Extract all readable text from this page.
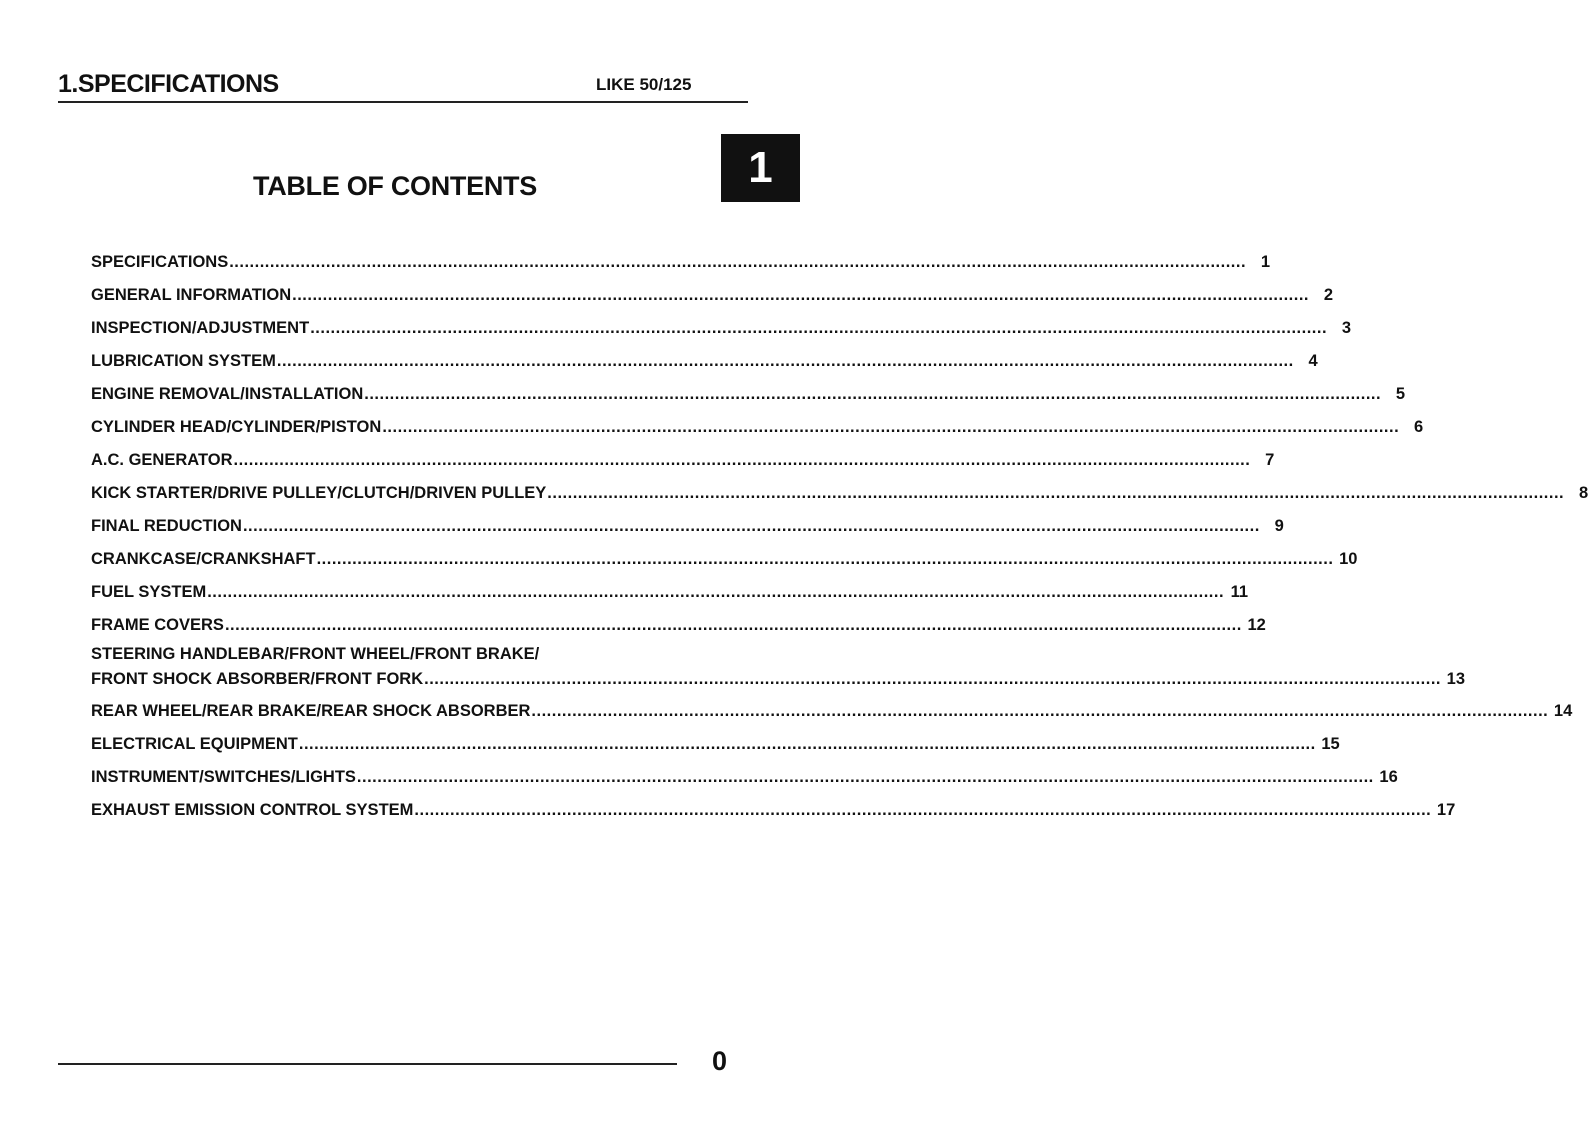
1.SPECIFICATIONS	LIKE 50/125
1
TABLE OF CONTENTS
SPECIFICATIONS ........................................................................................................................................................................................................ 1
GENERAL INFORMATION ........................................................................................................................................................................................................ 2
INSPECTION/ADJUSTMENT ........................................................................................................................................................................................................ 3
LUBRICATION SYSTEM ........................................................................................................................................................................................................ 4
ENGINE REMOVAL/INSTALLATION ........................................................................................................................................................................................................ 5
CYLINDER HEAD/CYLINDER/PISTON ........................................................................................................................................................................................................ 6
A.C. GENERATOR ........................................................................................................................................................................................................ 7
KICK STARTER/DRIVE PULLEY/CLUTCH/DRIVEN PULLEY ........................................................................................................................................................................................................ 8
FINAL REDUCTION ........................................................................................................................................................................................................ 9
CRANKCASE/CRANKSHAFT ........................................................................................................................................................................................................ 10
FUEL SYSTEM ........................................................................................................................................................................................................ 11
FRAME COVERS ........................................................................................................................................................................................................ 12
STEERING HANDLEBAR/FRONT WHEEL/FRONT BRAKE/
FRONT SHOCK ABSORBER/FRONT FORK ........................................................................................................................................................................................................ 13
REAR WHEEL/REAR BRAKE/REAR SHOCK ABSORBER ........................................................................................................................................................................................................ 14
ELECTRICAL EQUIPMENT ........................................................................................................................................................................................................ 15
INSTRUMENT/SWITCHES/LIGHTS ........................................................................................................................................................................................................ 16
EXHAUST EMISSION CONTROL SYSTEM ........................................................................................................................................................................................................ 17
0
